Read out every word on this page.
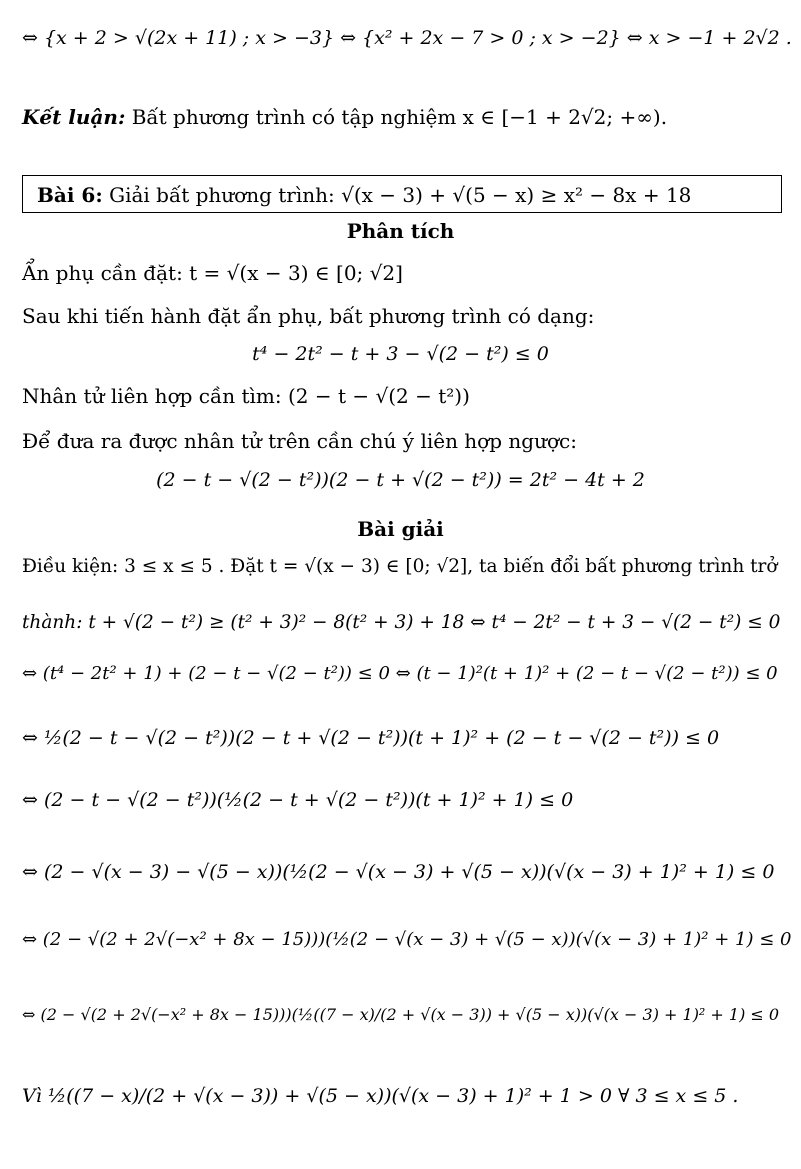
⇔ {x + 2 > √(2x + 11) ; x > −3} ⇔ {x² + 2x − 7 > 0 ; x > −2} ⇔ x > −1 + 2√2 .
Kết luận: Bất phương trình có tập nghiệm x ∈ [−1 + 2√2; +∞).
Bài 6: Giải bất phương trình: √(x − 3) + √(5 − x) ≥ x² − 8x + 18
Phân tích
Ẩn phụ cần đặt: t = √(x − 3) ∈ [0; √2]
Sau khi tiến hành đặt ẩn phụ, bất phương trình có dạng:
t⁴ − 2t² − t + 3 − √(2 − t²) ≤ 0
Nhân tử liên hợp cần tìm: (2 − t − √(2 − t²))
Để đưa ra được nhân tử trên cần chú ý liên hợp ngược:
(2 − t − √(2 − t²))(2 − t + √(2 − t²)) = 2t² − 4t + 2
Bài giải
Điều kiện: 3 ≤ x ≤ 5 . Đặt t = √(x − 3) ∈ [0; √2], ta biến đổi bất phương trình trở
thành: t + √(2 − t²) ≥ (t² + 3)² − 8(t² + 3) + 18 ⇔ t⁴ − 2t² − t + 3 − √(2 − t²) ≤ 0
⇔ (t⁴ − 2t² + 1) + (2 − t − √(2 − t²)) ≤ 0 ⇔ (t − 1)²(t + 1)² + (2 − t − √(2 − t²)) ≤ 0
⇔ ½(2 − t − √(2 − t²))(2 − t + √(2 − t²))(t + 1)² + (2 − t − √(2 − t²)) ≤ 0
⇔ (2 − t − √(2 − t²))(½(2 − t + √(2 − t²))(t + 1)² + 1) ≤ 0
⇔ (2 − √(x − 3) − √(5 − x))(½(2 − √(x − 3) + √(5 − x))(√(x − 3) + 1)² + 1) ≤ 0
⇔ (2 − √(2 + 2√(−x² + 8x − 15)))(½(2 − √(x − 3) + √(5 − x))(√(x − 3) + 1)² + 1) ≤ 0
⇔ (2 − √(2 + 2√(−x² + 8x − 15)))(½((7 − x)/(2 + √(x − 3)) + √(5 − x))(√(x − 3) + 1)² + 1) ≤ 0
Vì ½((7 − x)/(2 + √(x − 3)) + √(5 − x))(√(x − 3) + 1)² + 1 > 0 ∀ 3 ≤ x ≤ 5 .
